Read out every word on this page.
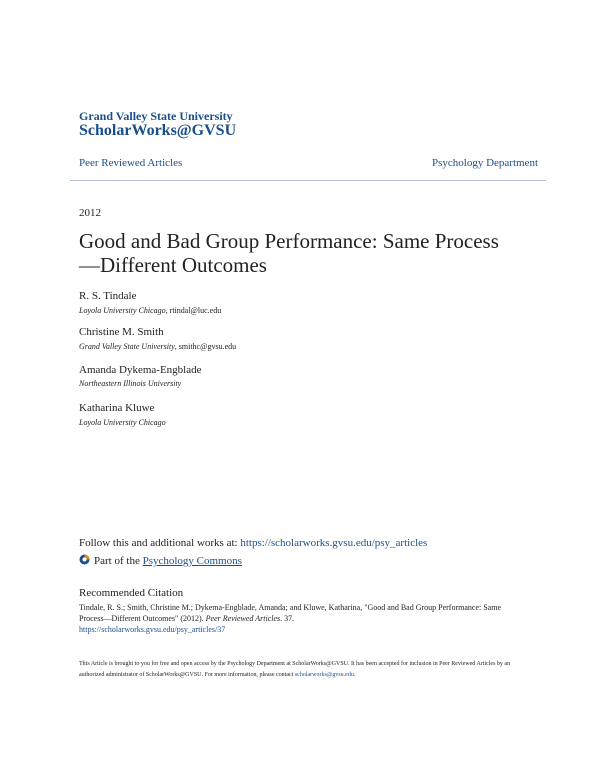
Grand Valley State University
ScholarWorks@GVSU
Peer Reviewed Articles	Psychology Department
2012
Good and Bad Group Performance: Same Process—Different Outcomes
R. S. Tindale
Loyola University Chicago, rtindal@luc.edu
Christine M. Smith
Grand Valley State University, smithc@gvsu.edu
Amanda Dykema-Engblade
Northeastern Illinois University
Katharina Kluwe
Loyola University Chicago
Follow this and additional works at: https://scholarworks.gvsu.edu/psy_articles
Part of the Psychology Commons
Recommended Citation
Tindale, R. S.; Smith, Christine M.; Dykema-Engblade, Amanda; and Kluwe, Katharina, "Good and Bad Group Performance: Same Process—Different Outcomes" (2012). Peer Reviewed Articles. 37.
https://scholarworks.gvsu.edu/psy_articles/37
This Article is brought to you for free and open access by the Psychology Department at ScholarWorks@GVSU. It has been accepted for inclusion in Peer Reviewed Articles by an authorized administrator of ScholarWorks@GVSU. For more information, please contact scholarworks@gvsu.edu.
